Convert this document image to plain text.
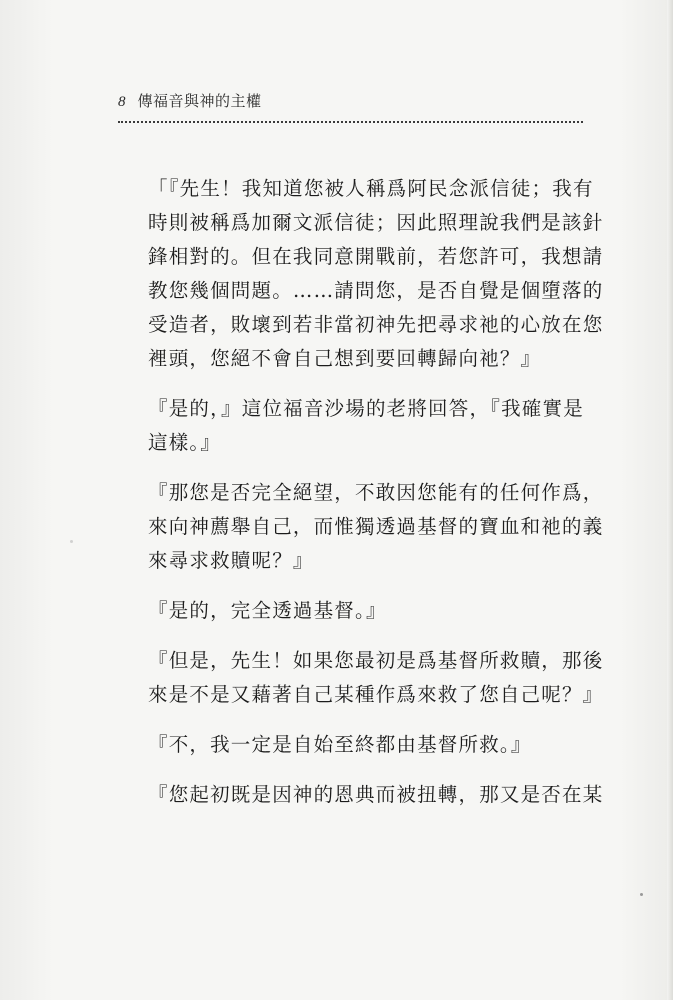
8 傳福音與神的主權

「『先生！我知道您被人稱爲阿民念派信徒；我有
時則被稱爲加爾文派信徒；因此照理說我們是該針
鋒相對的。但在我同意開戰前，若您許可，我想請
教您幾個問題。……請問您，是否自覺是個墮落的
受造者，敗壞到若非當初神先把尋求祂的心放在您
裡頭，您絕不會自己想到要回轉歸向祂？』

『是的，』這位福音沙場的老將回答，『我確實是
這樣。』

『那您是否完全絕望，不敢因您能有的任何作爲，
來向神薦舉自己，而惟獨透過基督的寶血和祂的義
來尋求救贖呢？』

『是的，完全透過基督。』

『但是，先生！如果您最初是爲基督所救贖，那後
來是不是又藉著自己某種作爲來救了您自己呢？』

『不，我一定是自始至終都由基督所救。』

『您起初既是因神的恩典而被扭轉，那又是否在某
